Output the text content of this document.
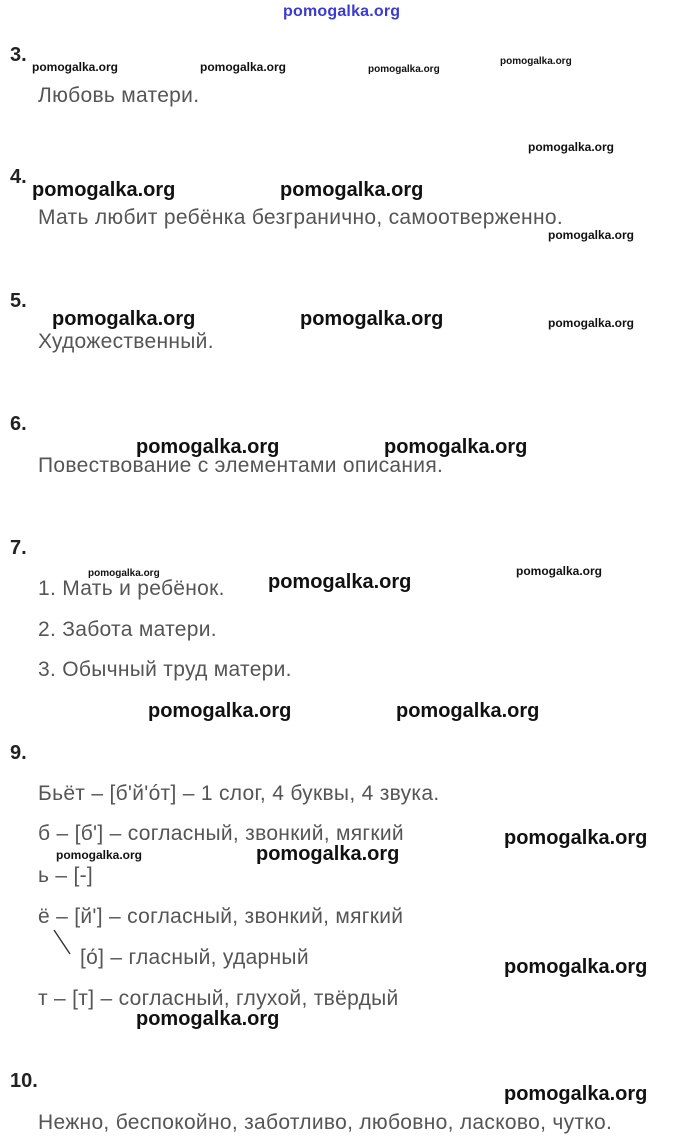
pomogalka.org
3.
Любовь матери.
4.
Мать любит ребёнка безгранично, самоотверженно.
5.
Художественный.
6.
Повествование с элементами описания.
7.
1. Мать и ребёнок.
2. Забота матери.
3. Обычный труд матери.
9.
Бьёт – [б'й'óт] – 1 слог, 4 буквы, 4 звука.
б – [б'] – согласный, звонкий, мягкий
ь – [-]
ё – [й'] – согласный, звонкий, мягкий
[о́] – гласный, ударный
т – [т] – согласный, глухой, твёрдый
10.
Нежно, беспокойно, заботливо, любовно, ласково, чутко.
pomogalka.org	pomogalka.org	pomogalka.org
pomogalka.org
pomogalka.org
pomogalka.org	pomogalka.org
pomogalka.org
pomogalka.org	pomogalka.org	pomogalka.org
pomogalka.org	pomogalka.org
pomogalka.org	pomogalka.org	pomogalka.org
pomogalka.org	pomogalka.org
pomogalka.org
pomogalka.org	pomogalka.org
pomogalka.org
pomogalka.org
pomogalka.org
